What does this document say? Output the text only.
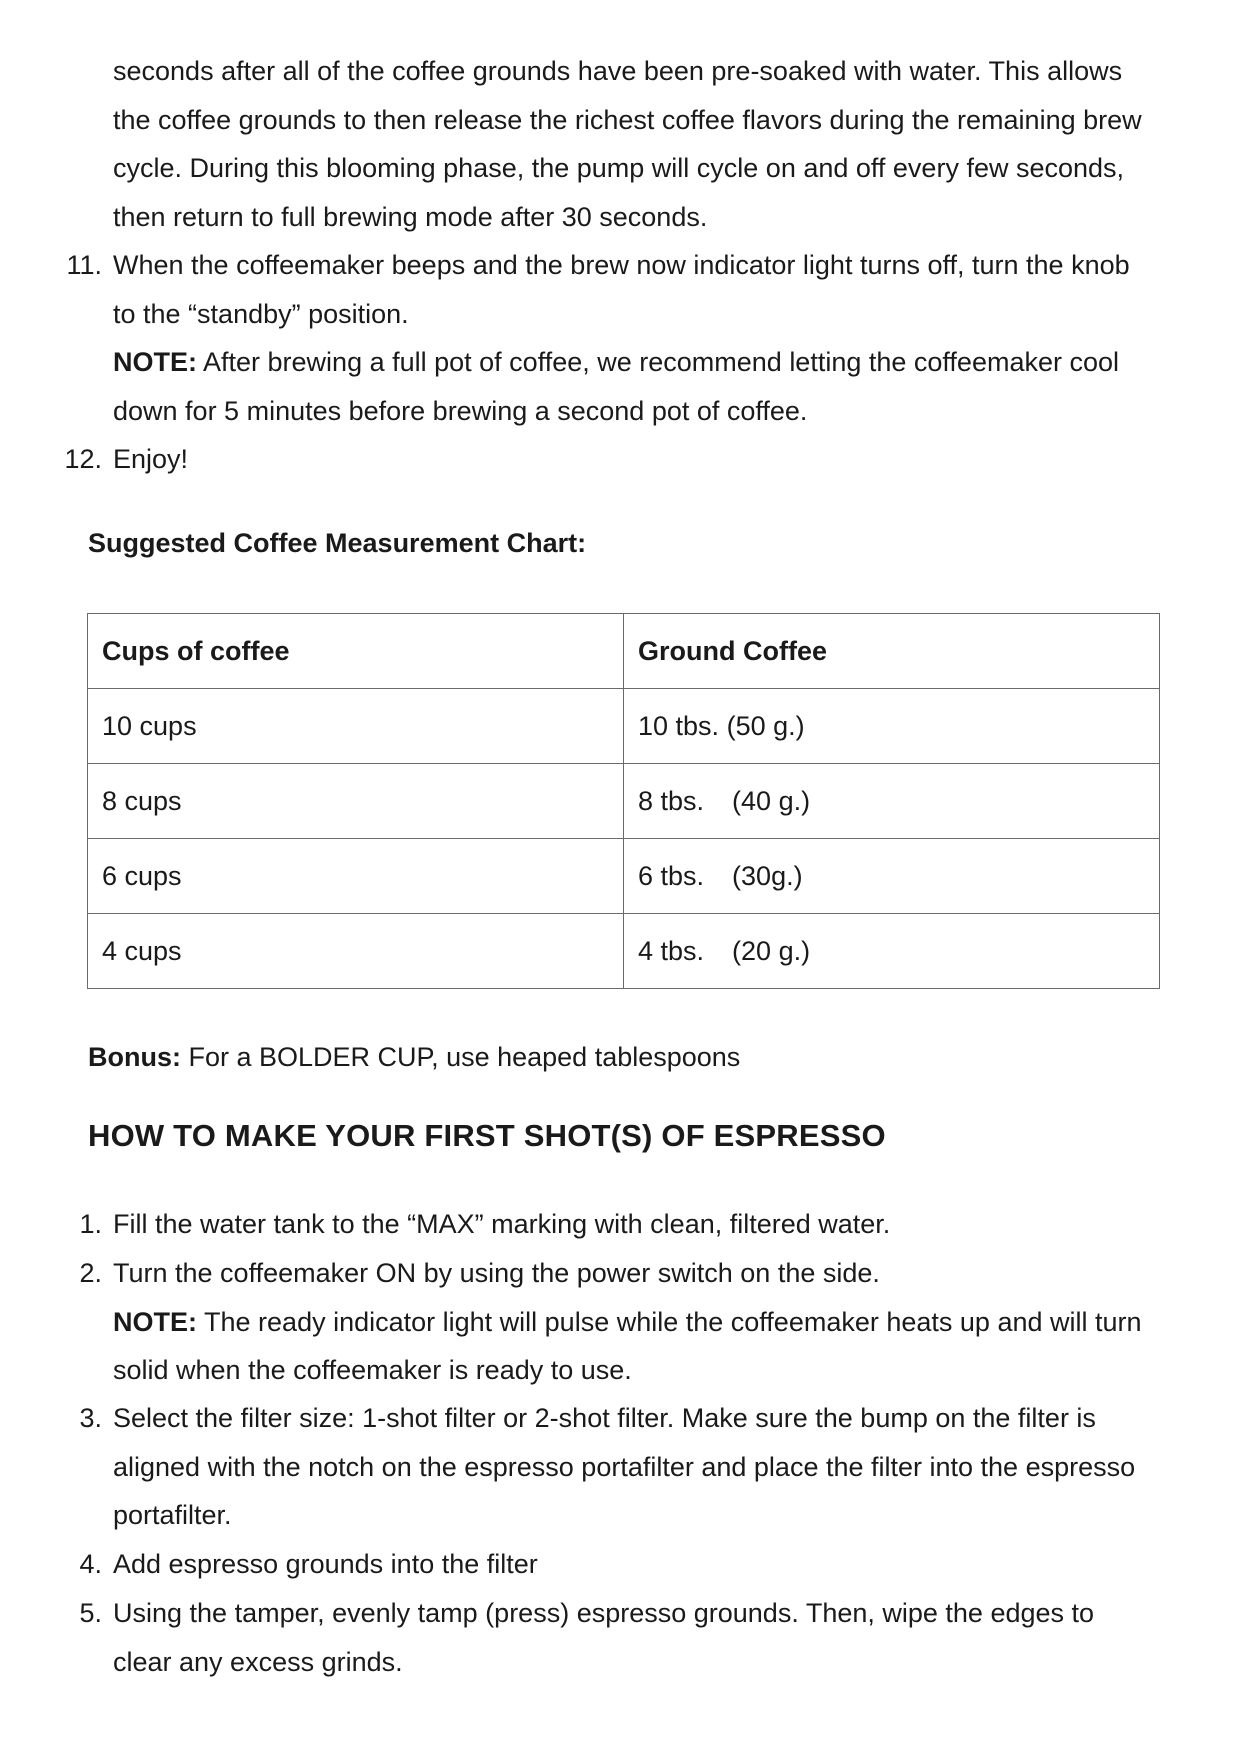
seconds after all of the coffee grounds have been pre-soaked with water. This allows
the coffee grounds to then release the richest coffee flavors during the remaining brew
cycle. During this blooming phase, the pump will cycle on and off every few seconds,
then return to full brewing mode after 30 seconds.
11. When the coffeemaker beeps and the brew now indicator light turns off, turn the knob
to the “standby” position.
NOTE: After brewing a full pot of coffee, we recommend letting the coffeemaker cool
down for 5 minutes before brewing a second pot of coffee.
12. Enjoy!
Suggested Coffee Measurement Chart:
Cups of coffee	Ground Coffee
10 cups	10 tbs. (50 g.)
8 cups	8 tbs. (40 g.)
6 cups	6 tbs. (30g.)
4 cups	4 tbs. (20 g.)
Bonus: For a BOLDER CUP, use heaped tablespoons
HOW TO MAKE YOUR FIRST SHOT(S) OF ESPRESSO
1. Fill the water tank to the “MAX” marking with clean, filtered water.
2. Turn the coffeemaker ON by using the power switch on the side.
NOTE: The ready indicator light will pulse while the coffeemaker heats up and will turn
solid when the coffeemaker is ready to use.
3. Select the filter size: 1-shot filter or 2-shot filter. Make sure the bump on the filter is
aligned with the notch on the espresso portafilter and place the filter into the espresso
portafilter.
4. Add espresso grounds into the filter
5. Using the tamper, evenly tamp (press) espresso grounds. Then, wipe the edges to
clear any excess grinds.
